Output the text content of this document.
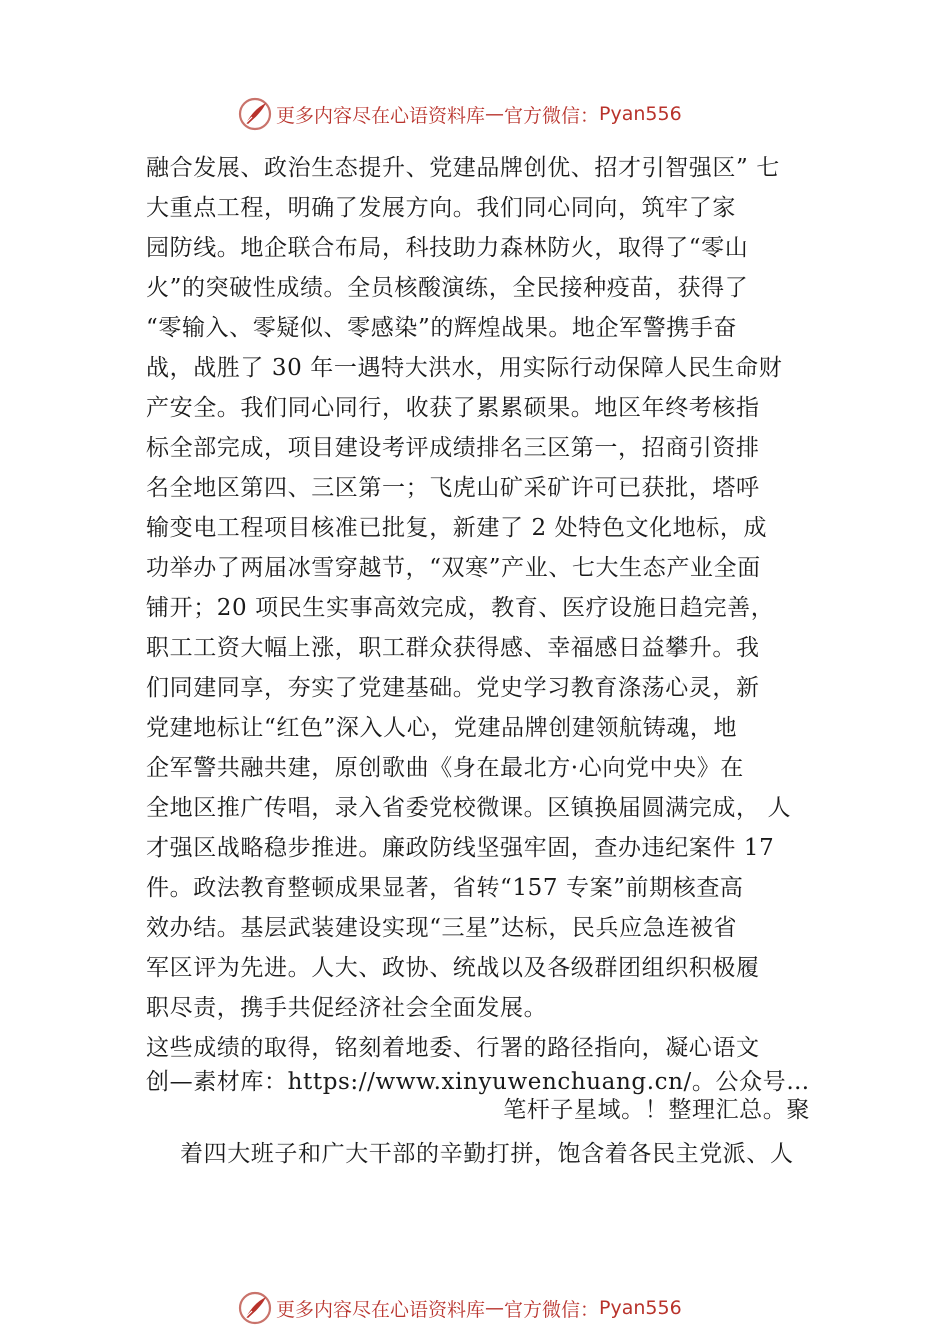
更多内容尽在心语资料库 — 官方微信： Pyan556
融合发展、政治生态提升、党建品牌创优、招才引智强区” 七
大重点工程，明确了发展方向。我们同心同向，筑牢了家
园防线。地企联合布局，科技助力森林防火，取得了“零山
火”的突破性成绩。全员核酸演练，全民接种疫苗，获得了
“零输入、零疑似、零感染”的辉煌战果。地企军警携手奋
战，战胜了 30 年一遇特大洪水，用实际行动保障人民生命财
产安全。我们同心同行，收获了累累硕果。地区年终考核指
标全部完成，项目建设考评成绩排名三区第一，招商引资排
名全地区第四、三区第一；飞虎山矿采矿许可已获批，塔呼
输变电工程项目核准已批复，新建了 2 处特色文化地标，成
功举办了两届冰雪穿越节，“双寒”产业、七大生态产业全面
铺开；20 项民生实事高效完成，教育、医疗设施日趋完善，
职工工资大幅上涨，职工群众获得感、幸福感日益攀升。我
们同建同享，夯实了党建基础。党史学习教育涤荡心灵，新
党建地标让“红色”深入人心，党建品牌创建领航铸魂，地
企军警共融共建，原创歌曲《身在最北方·心向党中央》在
全地区推广传唱，录入省委党校微课。区镇换届圆满完成， 人
才强区战略稳步推进。廉政防线坚强牢固，查办违纪案件 17
件。政法教育整顿成果显著，省转“157 专案”前期核查高
效办结。基层武装建设实现“三星”达标，民兵应急连被省
军区评为先进。人大、政协、统战以及各级群团组织积极履
职尽责，携手共促经济社会全面发展。
这些成绩的取得，铭刻着地委、行署的路径指向，凝心语文
创—素材库：https://www.xinyuwenchuang.cn/。公众号…
笔杆子星域。！整理汇总。聚
着四大班子和广大干部的辛勤打拼，饱含着各民主党派、人
更多内容尽在心语资料库 — 官方微信： Pyan556
